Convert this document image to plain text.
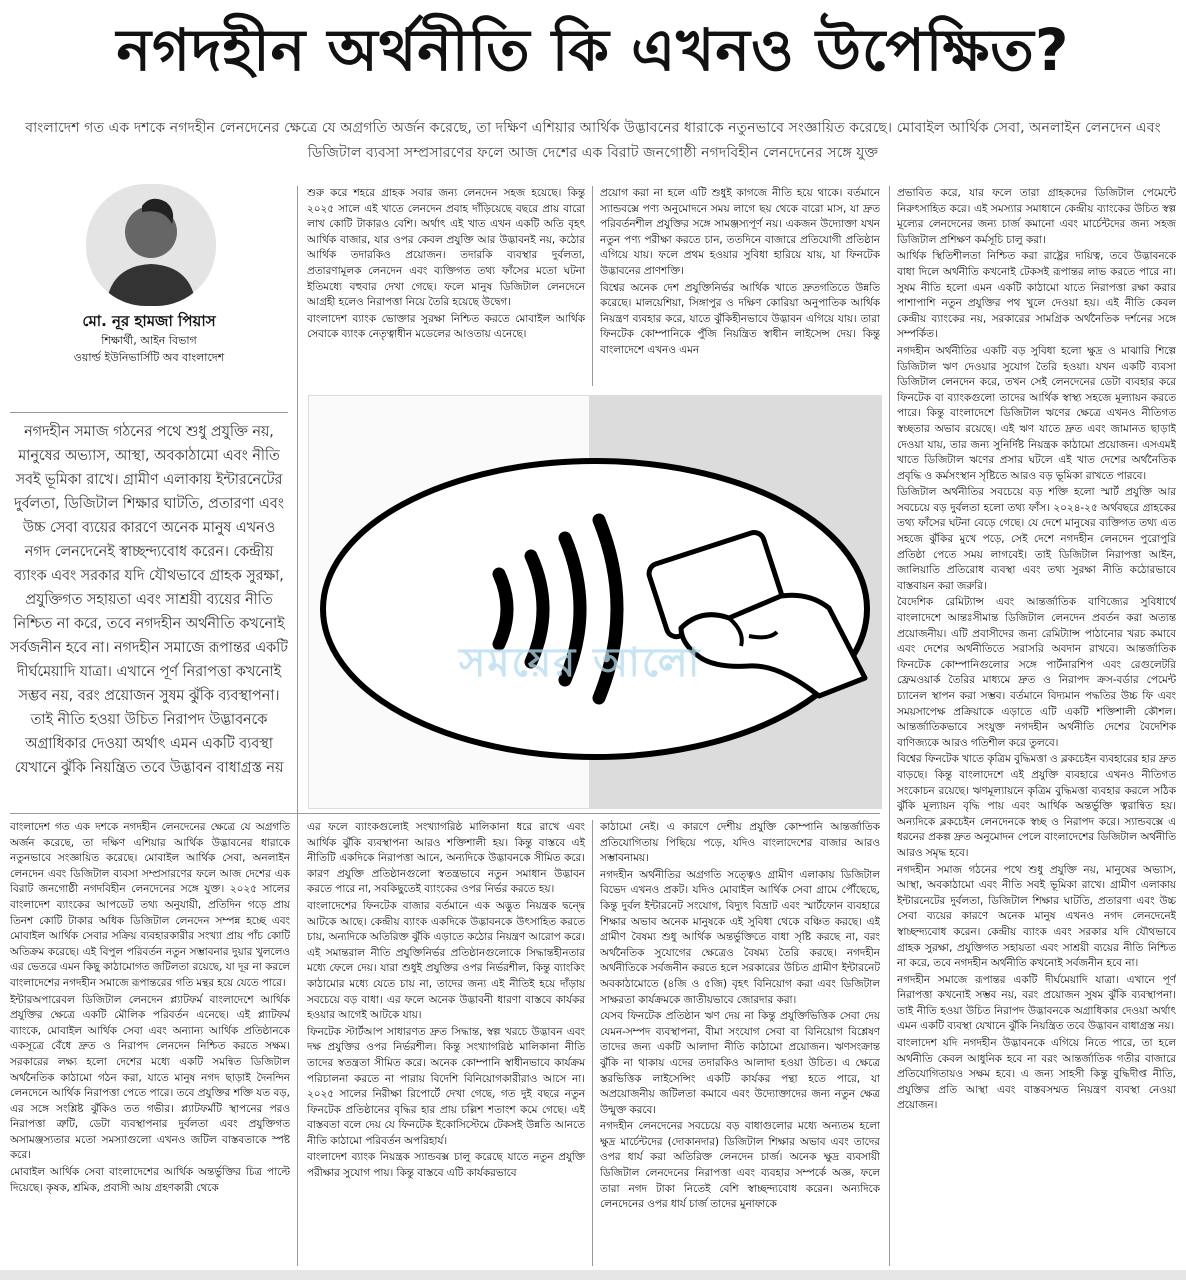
নগদহীন অর্থনীতি কি এখনও উপেক্ষিত?
বাংলাদেশ গত এক দশকে নগদহীন লেনদেনের ক্ষেত্রে যে অগ্রগতি অর্জন করেছে, তা দক্ষিণ এশিয়ার আর্থিক উদ্ভাবনের ধারাকে নতুনভাবে সংজ্ঞায়িত করেছে। মোবাইল আর্থিক সেবা, অনলাইন লেনদেন এবং ডিজিটাল ব্যবসা সম্প্রসারণের ফলে আজ দেশের এক বিরাট জনগোষ্ঠী নগদবিহীন লেনদেনের সঙ্গে যুক্ত
মো. নূর হামজা পিয়াস
শিক্ষার্থী, আইন বিভাগ
ওয়ার্ল্ড ইউনিভার্সিটি অব বাংলাদেশ
নগদহীন সমাজ গঠনের পথে শুধু প্রযুক্তি নয়, মানুষের অভ্যাস, আস্থা, অবকাঠামো এবং নীতি সবই ভূমিকা রাখে। গ্রামীণ এলাকায় ইন্টারনেটের দুর্বলতা, ডিজিটাল শিক্ষার ঘাটতি, প্রতারণা এবং উচ্চ সেবা ব্যয়ের কারণে অনেক মানুষ এখনও নগদ লেনদেনেই স্বাচ্ছন্দ্যবোধ করেন। কেন্দ্রীয় ব্যাংক এবং সরকার যদি যৌথভাবে গ্রাহক সুরক্ষা, প্রযুক্তিগত সহায়তা এবং সাশ্রয়ী ব্যয়ের নীতি নিশ্চিত না করে, তবে নগদহীন অর্থনীতি কখনোই সর্বজনীন হবে না। নগদহীন সমাজে রূপান্তর একটি দীর্ঘমেয়াদি যাত্রা। এখানে পূর্ণ নিরাপত্তা কখনোই সম্ভব নয়, বরং প্রয়োজন সুষম ঝুঁকি ব্যবস্থাপনা। তাই নীতি হওয়া উচিত নিরাপদ উদ্ভাবনকে অগ্রাধিকার দেওয়া অর্থাৎ এমন একটি ব্যবস্থা যেখানে ঝুঁকি নিয়ন্ত্রিত তবে উদ্ভাবন বাধাগ্রস্ত নয়

শুরু করে শহরে গ্রাহক সবার জন্য লেনদেন সহজ হয়েছে। কিন্তু ২০২৫ সালে এই খাতে লেনদেন প্রবাহ দাঁড়িয়েছে বছরে প্রায় বারো লাখ কোটি টাকারও বেশি। অর্থাৎ এই খাত এখন একটি অতি বৃহৎ আর্থিক বাজার, যার ওপর কেবল প্রযুক্তি আর উদ্ভাবনই নয়, কঠোর আর্থিক তদারকিও প্রয়োজন। তদারকি ব্যবস্থার দুর্বলতা, প্রতারণামূলক লেনদেন এবং ব্যক্তিগত তথ্য ফাঁসের মতো ঘটনা ইতিমধ্যে বহুবার দেখা গেছে। ফলে মানুষ ডিজিটাল লেনদেনে আগ্রহী হলেও নিরাপত্তা নিয়ে তৈরি হয়েছে উদ্বেগ।

বাংলাদেশ ব্যাংক ভোক্তার সুরক্ষা নিশ্চিত করতে মোবাইল আর্থিক সেবাকে ব্যাংক নেতৃত্বাধীন মডেলের আওতায় এনেছে।

প্রয়োগ করা না হলে এটি শুধুই কাগজে নীতি হয়ে থাকে। বর্তমানে স্যান্ডবক্সে পণ্য অনুমোদনে সময় লাগে ছয় থেকে বারো মাস, যা দ্রুত পরিবর্তনশীল প্রযুক্তির সঙ্গে সামঞ্জস্যপূর্ণ নয়। একজন উদ্যোক্তা যখন নতুন পণ্য পরীক্ষা করতে চান, ততদিনে বাজারে প্রতিযোগী প্রতিষ্ঠান এগিয়ে যায়। ফলে প্রথম হওয়ার সুবিধা হারিয়ে যায়, যা ফিনটেক উদ্ভাবনের প্রাণশক্তি।

বিশ্বের অনেক দেশ প্রযুক্তিনির্ভর আর্থিক খাতে দ্রুতগতিতে উন্নতি করেছে। মালয়েশিয়া, সিঙ্গাপুর ও দক্ষিণ কোরিয়া অনুপাতিক আর্থিক নিয়ন্ত্রণ ব্যবহার করে, যাতে ঝুঁকিহীনভাবে উদ্ভাবন এগিয়ে যায়। তারা ফিনটেক কোম্পানিকে পুঁজি নিয়ন্ত্রিত স্বাধীন লাইসেন্স দেয়। কিন্তু বাংলাদেশে এখনও এমন

প্রভাবিত করে, যার ফলে তারা গ্রাহকদের ডিজিটাল পেমেন্টে নিরুৎসাহিত করে। এই সমস্যার সমাধানে কেন্দ্রীয় ব্যাংকের উচিত স্বল্প মূল্যের লেনদেনের জন্য চার্জ কমানো এবং মার্চেন্টদের জন্য সহজ ডিজিটাল প্রশিক্ষণ কর্মসূচি চালু করা।

আর্থিক স্থিতিশীলতা নিশ্চিত করা রাষ্ট্রের দায়িত্ব, তবে উদ্ভাবনকে বাধা দিলে অর্থনীতি কখনোই টেকসই রূপান্তর লাভ করতে পারে না। সুষম নীতি হলো এমন একটি কাঠামো যাতে নিরাপত্তা রক্ষা করার পাশাপাশি নতুন প্রযুক্তির পথ খুলে দেওয়া হয়। এই নীতি কেবল কেন্দ্রীয় ব্যাংকের নয়, সরকারের সামগ্রিক অর্থনৈতিক দর্শনের সঙ্গে সম্পর্কিত।

নগদহীন অর্থনীতির একটি বড় সুবিধা হলো ক্ষুদ্র ও মাঝারি শিল্পে ডিজিটাল ঋণ দেওয়ার সুযোগ তৈরি হওয়া। যখন একটি ব্যবসা ডিজিটাল লেনদেন করে, তখন সেই লেনদেনের ডেটা ব্যবহার করে ফিনটেক বা ব্যাংকগুলো তাদের আর্থিক স্বাস্থ্য সহজে মূল্যায়ন করতে পারে। কিন্তু বাংলাদেশে ডিজিটাল ঋণের ক্ষেত্রে এখনও নীতিগত স্বচ্ছতার অভাব রয়েছে। এই ঋণ যাতে দ্রুত এবং জামানত ছাড়াই দেওয়া যায়, তার জন্য সুনির্দিষ্ট নিয়ন্ত্রক কাঠামো প্রয়োজন। এসএমই খাতে ডিজিটাল ঋণের প্রসার ঘটলে এই খাত দেশের অর্থনৈতিক প্রবৃদ্ধি ও কর্মসংস্থান সৃষ্টিতে আরও বড় ভূমিকা রাখতে পারবে।

ডিজিটাল অর্থনীতির সবচেয়ে বড় শক্তি হলো স্মার্ট প্রযুক্তি আর সবচেয়ে বড় দুর্বলতা হলো তথ্য ফাঁস। ২০২৪-২৫ অর্থবছরে গ্রাহকের তথ্য ফাঁসের ঘটনা বেড়ে গেছে। যে দেশে মানুষের ব্যক্তিগত তথ্য এত সহজে ঝুঁকির মুখে পড়ে, সেই দেশে নগদহীন লেনদেন পুরোপুরি প্রতিষ্ঠা পেতে সময় লাগবেই। তাই ডিজিটাল নিরাপত্তা আইন, জালিয়াতি প্রতিরোধ ব্যবস্থা এবং তথ্য সুরক্ষা নীতি কঠোরভাবে বাস্তবায়ন করা জরুরি।

বৈদেশিক রেমিট্যান্স এবং আন্তর্জাতিক বাণিজ্যের সুবিধার্থে বাংলাদেশে আন্তঃসীমান্ত ডিজিটাল লেনদেন প্রবর্তন করা অত্যন্ত প্রয়োজনীয়। এটি প্রবাসীদের জন্য রেমিট্যান্স পাঠানোর খরচ কমাবে এবং দেশের অর্থনীতিতে সরাসরি অবদান রাখবে। আন্তর্জাতিক ফিনটেক কোম্পানিগুলোর সঙ্গে পার্টনারশিপ এবং রেগুলেটরি ফ্রেমওয়ার্ক তৈরির মাধ্যমে দ্রুত ও নিরাপদ ক্রস-বর্ডার পেমেন্ট চ্যানেল স্থাপন করা সম্ভব। বর্তমানে বিদ্যমান পদ্ধতির উচ্চ ফি এবং সময়সাপেক্ষ প্রক্রিয়াকে এড়াতে এটি একটি শক্তিশালী কৌশল। আন্তর্জাতিকভাবে সংযুক্ত নগদহীন অর্থনীতি দেশের বৈদেশিক বাণিজ্যকে আরও গতিশীল করে তুলবে।

বিশ্বের ফিনটেক খাতে কৃত্রিম বুদ্ধিমত্তা ও ব্লকচেইন ব্যবহারের হার দ্রুত বাড়ছে। কিন্তু বাংলাদেশে এই প্রযুক্তি ব্যবহারে এখনও নীতিগত সংকোচন রয়েছে। ঋণমূল্যায়নে কৃত্রিম বুদ্ধিমত্তা ব্যবহার করলে সঠিক ঝুঁকি মূল্যায়ন বৃদ্ধি পায় এবং আর্থিক অন্তর্ভুক্তি ত্বরান্বিত হয়। অন্যদিকে ব্লকচেইন লেনদেনকে স্বচ্ছ ও নিরাপদ করে। স্যান্ডবক্সে এ ধরনের প্রকল্প দ্রুত অনুমোদন পেলে বাংলাদেশের ডিজিটাল অর্থনীতি আরও সমৃদ্ধ হবে।

নগদহীন সমাজ গঠনের পথে শুধু প্রযুক্তি নয়, মানুষের অভ্যাস, আস্থা, অবকাঠামো এবং নীতি সবই ভূমিকা রাখে। গ্রামীণ এলাকায় ইন্টারনেটের দুর্বলতা, ডিজিটাল শিক্ষার ঘাটতি, প্রতারণা এবং উচ্চ সেবা ব্যয়ের কারণে অনেক মানুষ এখনও নগদ লেনদেনেই স্বাচ্ছন্দ্যবোধ করেন। কেন্দ্রীয় ব্যাংক এবং সরকার যদি যৌথভাবে গ্রাহক সুরক্ষা, প্রযুক্তিগত সহায়তা এবং সাশ্রয়ী ব্যয়ের নীতি নিশ্চিত না করে, তবে নগদহীন অর্থনীতি কখনোই সর্বজনীন হবে না।

নগদহীন সমাজে রূপান্তর একটি দীর্ঘমেয়াদি যাত্রা। এখানে পূর্ণ নিরাপত্তা কখনোই সম্ভব নয়, বরং প্রয়োজন সুষম ঝুঁকি ব্যবস্থাপনা। তাই নীতি হওয়া উচিত নিরাপদ উদ্ভাবনকে অগ্রাধিকার দেওয়া অর্থাৎ এমন একটি ব্যবস্থা যেখানে ঝুঁকি নিয়ন্ত্রিত তবে উদ্ভাবন বাধাগ্রস্ত নয়।

বাংলাদেশ যদি নগদহীন উদ্ভাবনকে এগিয়ে নিতে পারে, তা হলে অর্থনীতি কেবল আধুনিক হবে না বরং আন্তর্জাতিক গতীর বাজারে প্রতিযোগিতায়ও সক্ষম হবে। এ জন্য সাহসী কিন্তু বুদ্ধিদীপ্ত নীতি, প্রযুক্তির প্রতি আস্থা এবং বাস্তবসম্মত নিয়ন্ত্রণ ব্যবস্থা নেওয়া প্রয়োজন।

সময়ের আলো

বাংলাদেশ গত এক দশকে নগদহীন লেনদেনের ক্ষেত্রে যে অগ্রগতি অর্জন করেছে, তা দক্ষিণ এশিয়ার আর্থিক উদ্ভাবনের ধারাকে নতুনভাবে সংজ্ঞায়িত করেছে। মোবাইল আর্থিক সেবা, অনলাইন লেনদেন এবং ডিজিটাল ব্যবসা সম্প্রসারণের ফলে আজ দেশের এক বিরাট জনগোষ্ঠী নগদবিহীন লেনদেনের সঙ্গে যুক্ত। ২০২৫ সালের বাংলাদেশ ব্যাংকের আপডেট তথ্য অনুযায়ী, প্রতিদিন গড়ে প্রায় তিনশ কোটি টাকার অধিক ডিজিটাল লেনদেন সম্পন্ন হচ্ছে এবং মোবাইল আর্থিক সেবার সক্রিয় ব্যবহারকারীর সংখ্যা প্রায় পাঁচ কোটি অতিক্রম করেছে। এই বিপুল পরিবর্তন নতুন সম্ভাবনার দুয়ার খুললেও এর ভেতরে এমন কিছু কাঠামোগত জটিলতা রয়েছে, যা দূর না করলে বাংলাদেশের নগদহীন সমাজে রূপান্তরের গতি মন্থর হয়ে যেতে পারে।

ইন্টারঅপারেবল ডিজিটাল লেনদেন প্ল্যাটফর্ম বাংলাদেশে আর্থিক প্রযুক্তির ক্ষেত্রে একটি মৌলিক পরিবর্তন এনেছে। এই প্ল্যাটফর্ম ব্যাংকে, মোবাইল আর্থিক সেবা এবং অন্যান্য আর্থিক প্রতিষ্ঠানকে একসূত্রে বেঁধে দ্রুত ও নিরাপদ লেনদেন নিশ্চিত করতে সক্ষম। সরকারের লক্ষ্য হলো দেশের মধ্যে একটি সমন্বিত ডিজিটাল অর্থনৈতিক কাঠামো গঠন করা, যাতে মানুষ নগদ ছাড়াই দৈনন্দিন লেনদেনে আর্থিক নিরাপত্তা পেতে পারে। তবে প্রযুক্তির শক্তি যত বড়, এর সঙ্গে সংশ্লিষ্ট ঝুঁকিও তত গভীর। প্ল্যাটফর্মটি স্থাপনের পরও নিরাপত্তা ত্রুটি, ডেটা ব্যবস্থাপনার দুর্বলতা এবং প্রযুক্তিগত অসামঞ্জস্যতার মতো সমস্যাগুলো এখনও জটিল বাস্তবতাকে স্পষ্ট করে।

মোবাইল আর্থিক সেবা বাংলাদেশের আর্থিক অন্তর্ভুক্তির চিত্র পাল্টে দিয়েছে। কৃষক, শ্রমিক, প্রবাসী আয় গ্রহণকারী থেকে

এর ফলে ব্যাংকগুলোই সংখ্যাগরিষ্ঠ মালিকানা ধরে রাখে এবং আর্থিক ঝুঁকি ব্যবস্থাপনা আরও শক্তিশালী হয়। কিন্তু বাস্তবে এই নীতিটি একদিকে নিরাপত্তা আনে, অন্যদিকে উদ্ভাবনকে সীমিত করে। কারণ প্রযুক্তি প্রতিষ্ঠানগুলো স্বতন্ত্রভাবে নতুন সমাধান উদ্ভাবন করতে পারে না, সবকিছুতেই ব্যাংকের ওপর নির্ভর করতে হয়।

বাংলাদেশের ফিনটেক বাজার বর্তমানে এক অদ্ভুত নিয়ন্ত্রক দ্বন্দ্বে আটকে আছে। কেন্দ্রীয় ব্যাংক একদিকে উদ্ভাবনকে উৎসাহিত করতে চায়, অন্যদিকে অতিরিক্ত ঝুঁকি এড়াতে কঠোর নিয়ন্ত্রণ আরোপ করে। এই সমান্তরাল নীতি প্রযুক্তিনির্ভর প্রতিষ্ঠানগুলোকে সিদ্ধান্তহীনতার মধ্যে ফেলে দেয়। যারা শুধুই প্রযুক্তির ওপর নির্ভরশীল, কিন্তু ব্যাংকিং কাঠামোর মধ্যে যেতে চায় না, তাদের জন্য এই নীতিই হয়ে দাঁড়ায় সবচেয়ে বড় বাধা। এর ফলে অনেক উদ্ভাবনী ধারণা বাস্তবে কার্যকর হওয়ার আগেই আটকে যায়।

ফিনটেক স্টার্টআপ সাধারণত দ্রুত সিদ্ধান্ত, স্বল্প খরচে উদ্ভাবন এবং দক্ষ প্রযুক্তির ওপর নির্ভরশীল। কিন্তু সংখ্যাগরিষ্ঠ মালিকানা নীতি তাদের স্বতন্ত্রতা সীমিত করে। অনেক কোম্পানি স্বাধীনভাবে কার্যক্রম পরিচালনা করতে না পারায় বিদেশি বিনিয়োগকারীরাও আসে না। ২০২৫ সালের নিরীক্ষা রিপোর্টে দেখা গেছে, গত দুই বছরে নতুন ফিনটেক প্রতিষ্ঠানের বৃদ্ধির হার প্রায় চল্লিশ শতাংশ কমে গেছে। এই বাস্তবতা বলে দেয় যে ফিনটেক ইকোসিস্টেমে টেকসই উন্নতি আনতে নীতি কাঠামো পরিবর্তন অপরিহার্য।

বাংলাদেশ ব্যাংক নিয়ন্ত্রক স্যান্ডবক্স চালু করেছে যাতে নতুন প্রযুক্তি পরীক্ষার সুযোগ পায়। কিন্তু বাস্তবে এটি কার্যকরভাবে

কাঠামো নেই। এ কারণে দেশীয় প্রযুক্তি কোম্পানি আন্তর্জাতিক প্রতিযোগিতায় পিছিয়ে পড়ে, যদিও বাংলাদেশের বাজার আরও সম্ভাবনাময়।

নগদহীন অর্থনীতির অগ্রগতি সত্ত্বেও গ্রামীণ এলাকায় ডিজিটাল বিভেদ এখনও প্রকট। যদিও মোবাইল আর্থিক সেবা গ্রামে পৌঁছেছে, কিন্তু দুর্বল ইন্টারনেট সংযোগ, বিদ্যুৎ বিভ্রাট এবং স্মার্টফোন ব্যবহারে শিক্ষার অভাব অনেক মানুষকে এই সুবিধা থেকে বঞ্চিত করছে। এই গ্রামীণ বৈষম্য শুধু আর্থিক অন্তর্ভুক্তিতে বাধা সৃষ্টি করছে না, বরং অর্থনৈতিক সুযোগের ক্ষেত্রেও বৈষম্য তৈরি করছে। নগদহীন অর্থনীতিকে সর্বজনীন করতে হলে সরকারের উচিত গ্রামীণ ইন্টারনেট অবকাঠামোতে (৪জি ও ৫জি) বৃহৎ বিনিয়োগ করা এবং ডিজিটাল সাক্ষরতা কার্যক্রমকে জাতীয়ভাবে জোরদার করা।

যেসব ফিনটেক প্রতিষ্ঠান ঋণ দেয় না কিন্তু প্রযুক্তিভিত্তিক সেবা দেয় যেমন-সম্পদ ব্যবস্থাপনা, বীমা সংযোগ সেবা বা বিনিয়োগ বিশ্লেষণ তাদের জন্য একটি আলাদা নীতি কাঠামো প্রয়োজন। ঋণসংক্রান্ত ঝুঁকি না থাকায় এদের তদারকিও আলাদা হওয়া উচিত। এ ক্ষেত্রে স্তরভিত্তিক লাইসেন্সিং একটি কার্যকর পন্থা হতে পারে, যা অপ্রয়োজনীয় জটিলতা কমাবে এবং উদ্যোক্তাদের জন্য নতুন ক্ষেত্র উন্মুক্ত করবে।

নগদহীন লেনদেনের সবচেয়ে বড় বাধাগুলোর মধ্যে অন্যতম হলো ক্ষুদ্র মার্চেন্টদের (দোকানদার) ডিজিটাল শিক্ষার অভাব এবং তাদের ওপর ধার্য করা অতিরিক্ত লেনদেন চার্জ। অনেক ক্ষুদ্র ব্যবসায়ী ডিজিটাল লেনদেনের নিরাপত্তা এবং ব্যবহার সম্পর্কে অজ্ঞ, ফলে তারা নগদ টাকা নিতেই বেশি স্বাচ্ছন্দ্যবোধ করেন। অন্যদিকে লেনদেনের ওপর ধার্য চার্জ তাদের মুনাফাকে
